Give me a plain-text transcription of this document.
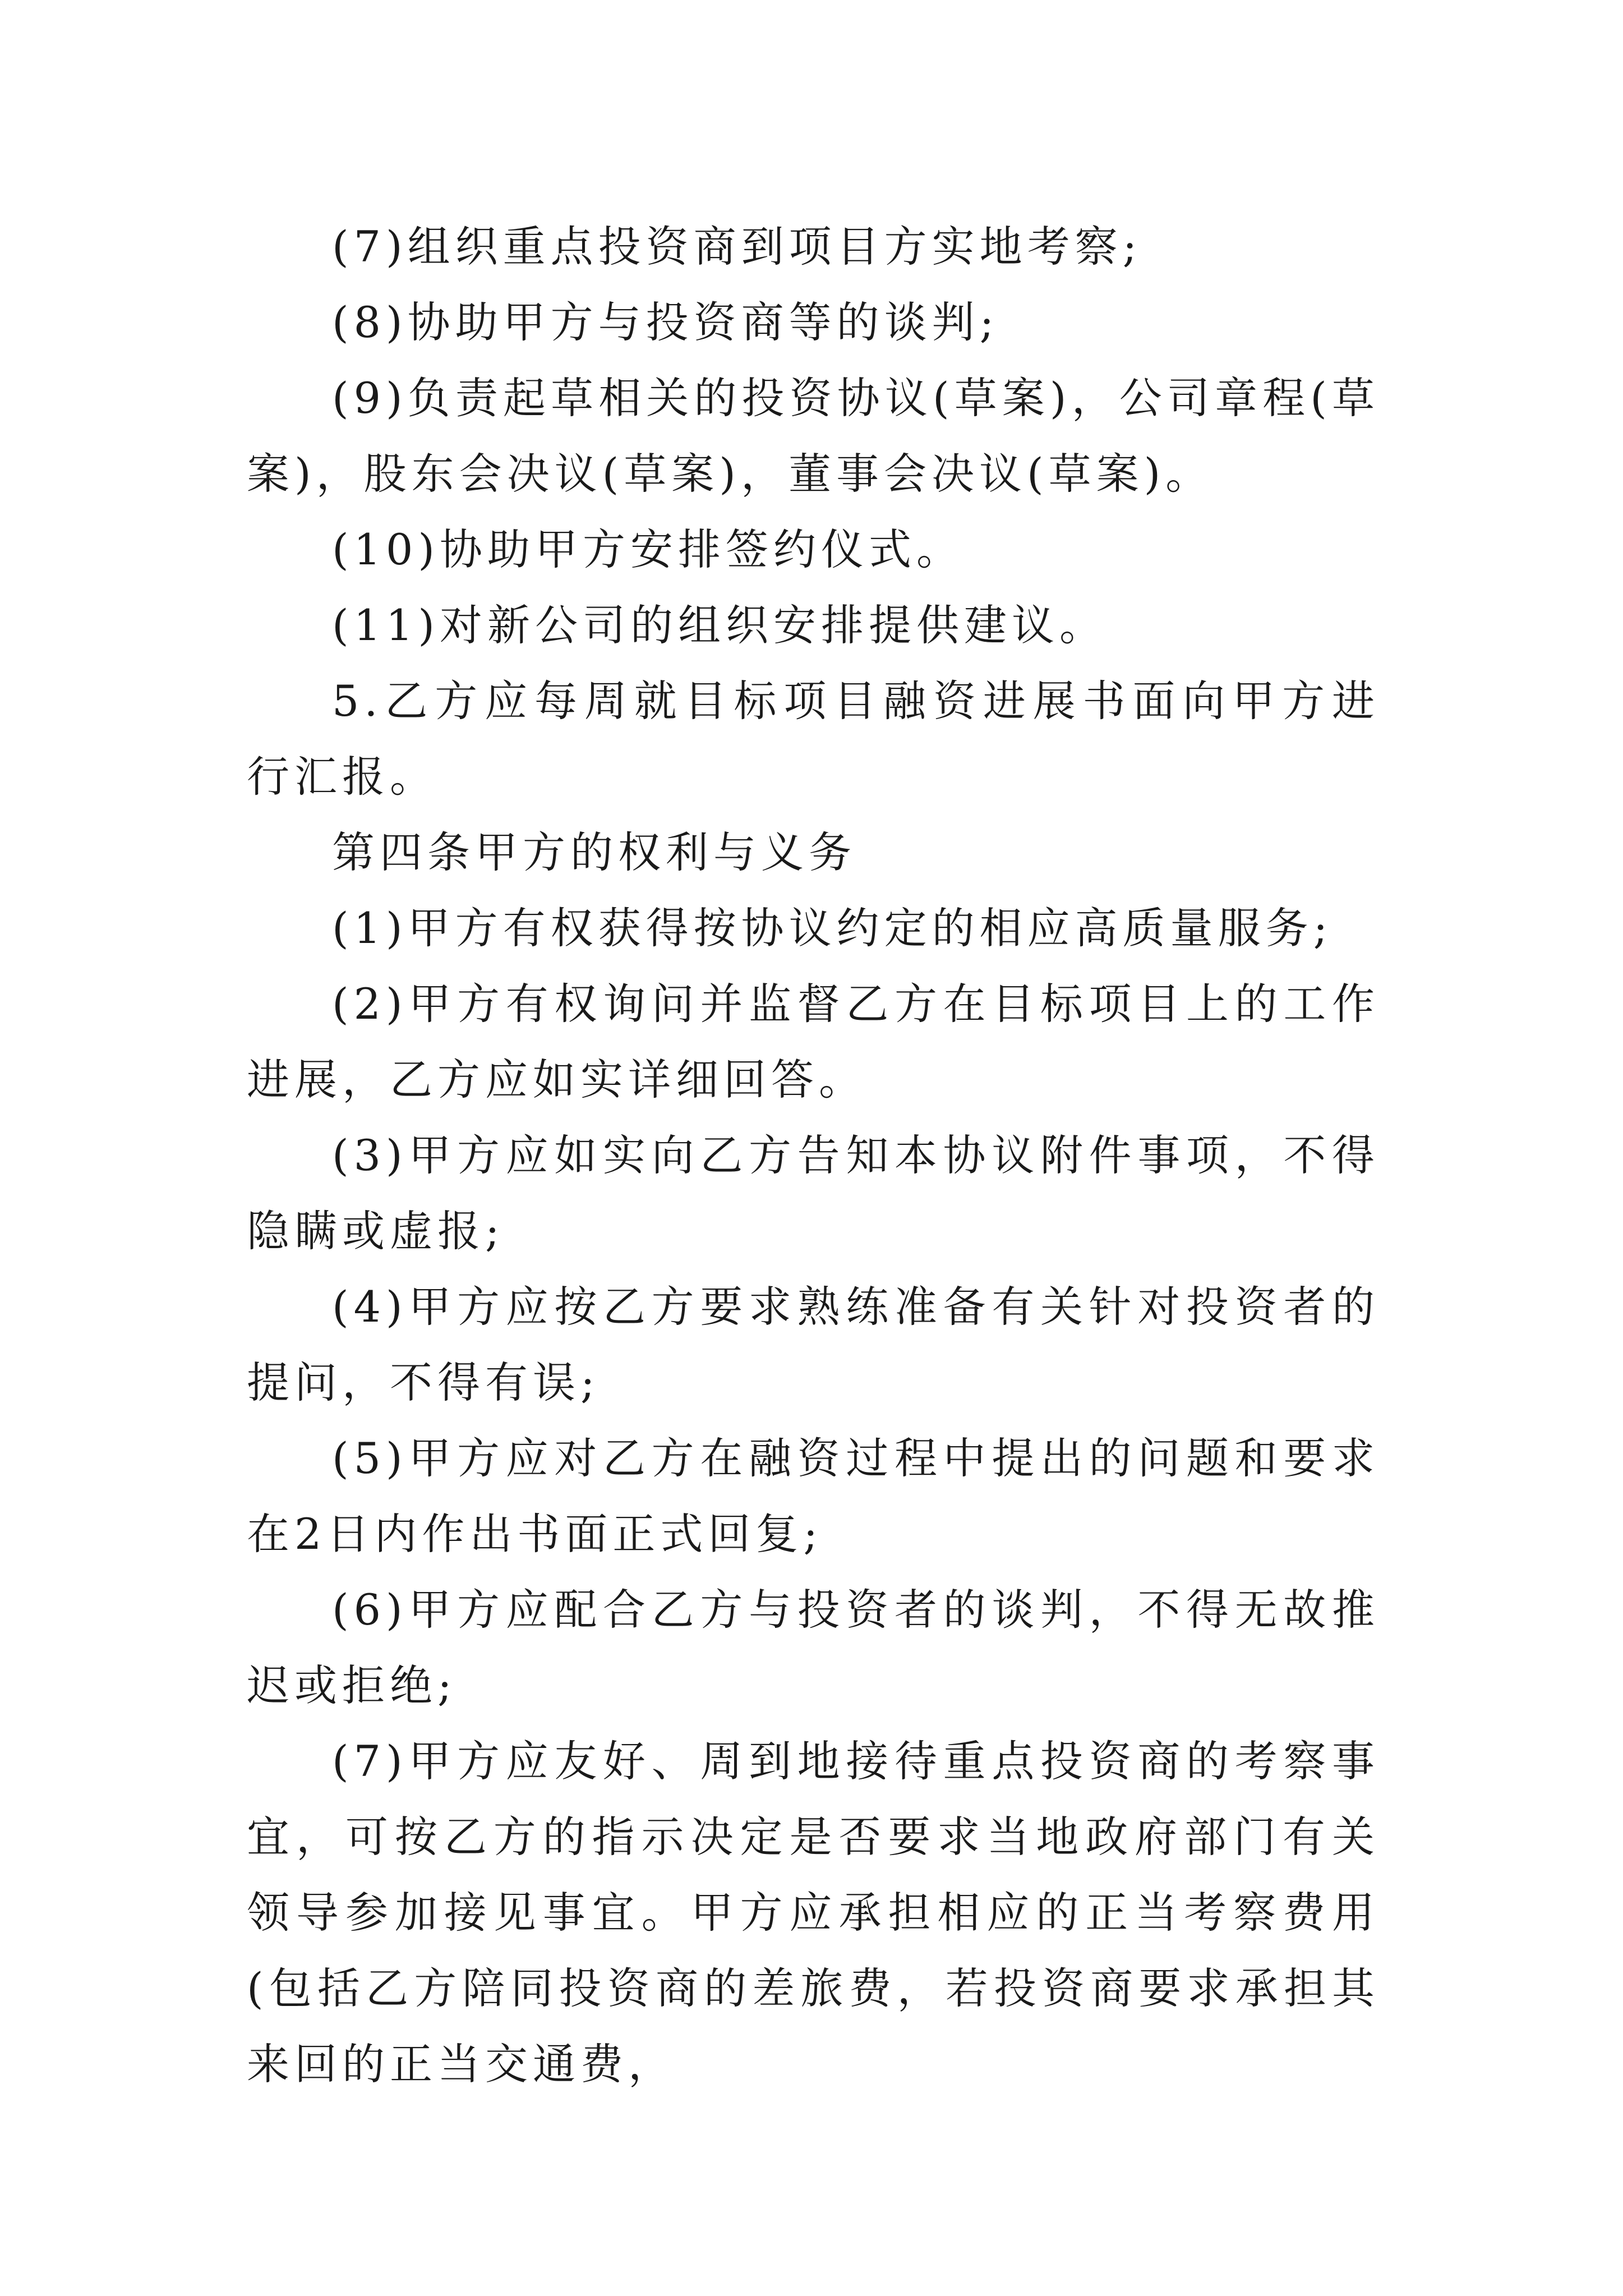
(7)组织重点投资商到项目方实地考察;

(8)协助甲方与投资商等的谈判;

(9)负责起草相关的投资协议(草案)，公司章程(草案)，股东会决议(草案)，董事会决议(草案)。

(10)协助甲方安排签约仪式。

(11)对新公司的组织安排提供建议。

5.乙方应每周就目标项目融资进展书面向甲方进行汇报。

第四条甲方的权利与义务

(1)甲方有权获得按协议约定的相应高质量服务;

(2)甲方有权询问并监督乙方在目标项目上的工作进展，乙方应如实详细回答。

(3)甲方应如实向乙方告知本协议附件事项，不得隐瞒或虚报;

(4)甲方应按乙方要求熟练准备有关针对投资者的提问，不得有误;

(5)甲方应对乙方在融资过程中提出的问题和要求在2日内作出书面正式回复;

(6)甲方应配合乙方与投资者的谈判，不得无故推迟或拒绝;

(7)甲方应友好、周到地接待重点投资商的考察事宜，可按乙方的指示决定是否要求当地政府部门有关领导参加接见事宜。甲方应承担相应的正当考察费用(包括乙方陪同投资商的差旅费，若投资商要求承担其来回的正当交通费，
